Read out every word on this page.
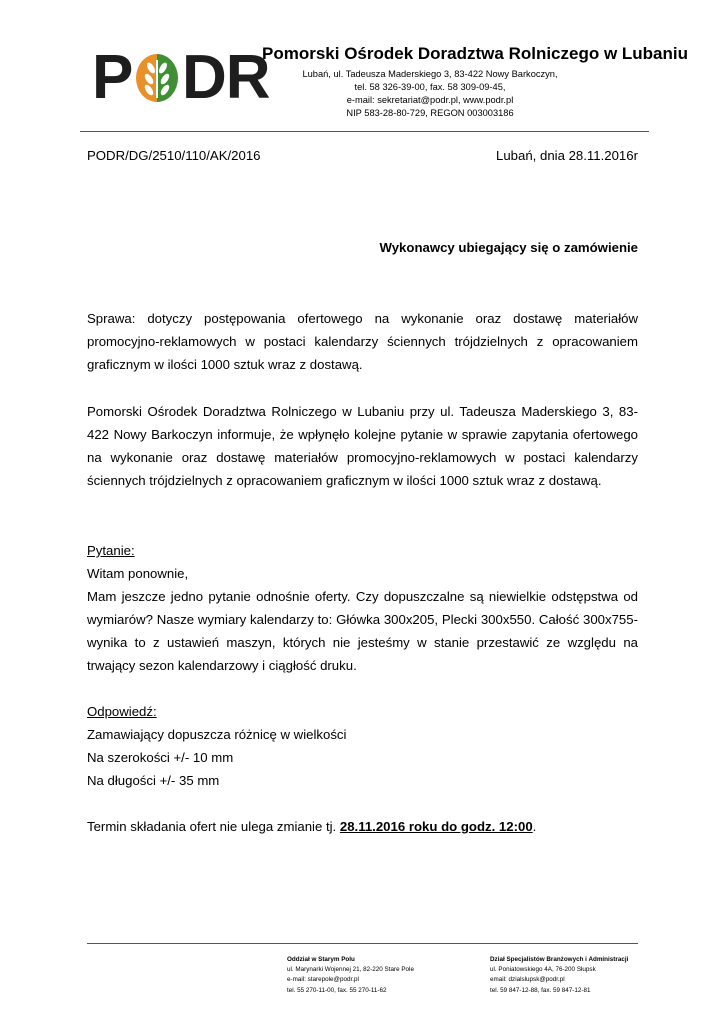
P DR
Pomorski Ośrodek Doradztwa Rolniczego w Lubaniu
Lubań, ul. Tadeusza Maderskiego 3, 83-422 Nowy Barkoczyn,
tel. 58 326-39-00, fax. 58 309-09-45,
e-mail: sekretariat@podr.pl, www.podr.pl
NIP 583-28-80-729, REGON 003003186
PODR/DG/2510/110/AK/2016	Lubań, dnia 28.11.2016r
Wykonawcy ubiegający się o zamówienie
Sprawa: dotyczy postępowania ofertowego na wykonanie oraz dostawę materiałów promocyjno-reklamowych w postaci kalendarzy ściennych trójdzielnych z opracowaniem graficznym w ilości 1000 sztuk wraz z dostawą.
Pomorski Ośrodek Doradztwa Rolniczego w Lubaniu przy ul. Tadeusza Maderskiego 3, 83-422 Nowy Barkoczyn informuje, że wpłynęło kolejne pytanie w sprawie zapytania ofertowego na wykonanie oraz dostawę materiałów promocyjno-reklamowych w postaci kalendarzy ściennych trójdzielnych z opracowaniem graficznym w ilości 1000 sztuk wraz z dostawą.
Pytanie:
Witam ponownie,
Mam jeszcze jedno pytanie odnośnie oferty. Czy dopuszczalne są niewielkie odstępstwa od wymiarów? Nasze wymiary kalendarzy to: Główka 300x205, Plecki 300x550. Całość 300x755- wynika to z ustawień maszyn, których nie jesteśmy w stanie przestawić ze względu na trwający sezon kalendarzowy i ciągłość druku.
Odpowiedź:
Zamawiający dopuszcza różnicę w wielkości
Na szerokości +/- 10 mm
Na długości +/- 35 mm
Termin składania ofert nie ulega zmianie tj. 28.11.2016 roku do godz. 12:00.
Oddział w Starym Polu
ul. Marynarki Wojennej 21, 82-220 Stare Pole
e-mail: starepole@podr.pl
tel. 55 270-11-00, fax. 55 270-11-62
Dział Specjalistów Branżowych i Administracji
ul. Poniatowskiego 4A, 76-200 Słupsk
email: dzialslupsk@podr.pl
tel. 59 847-12-88, fax. 59 847-12-81
